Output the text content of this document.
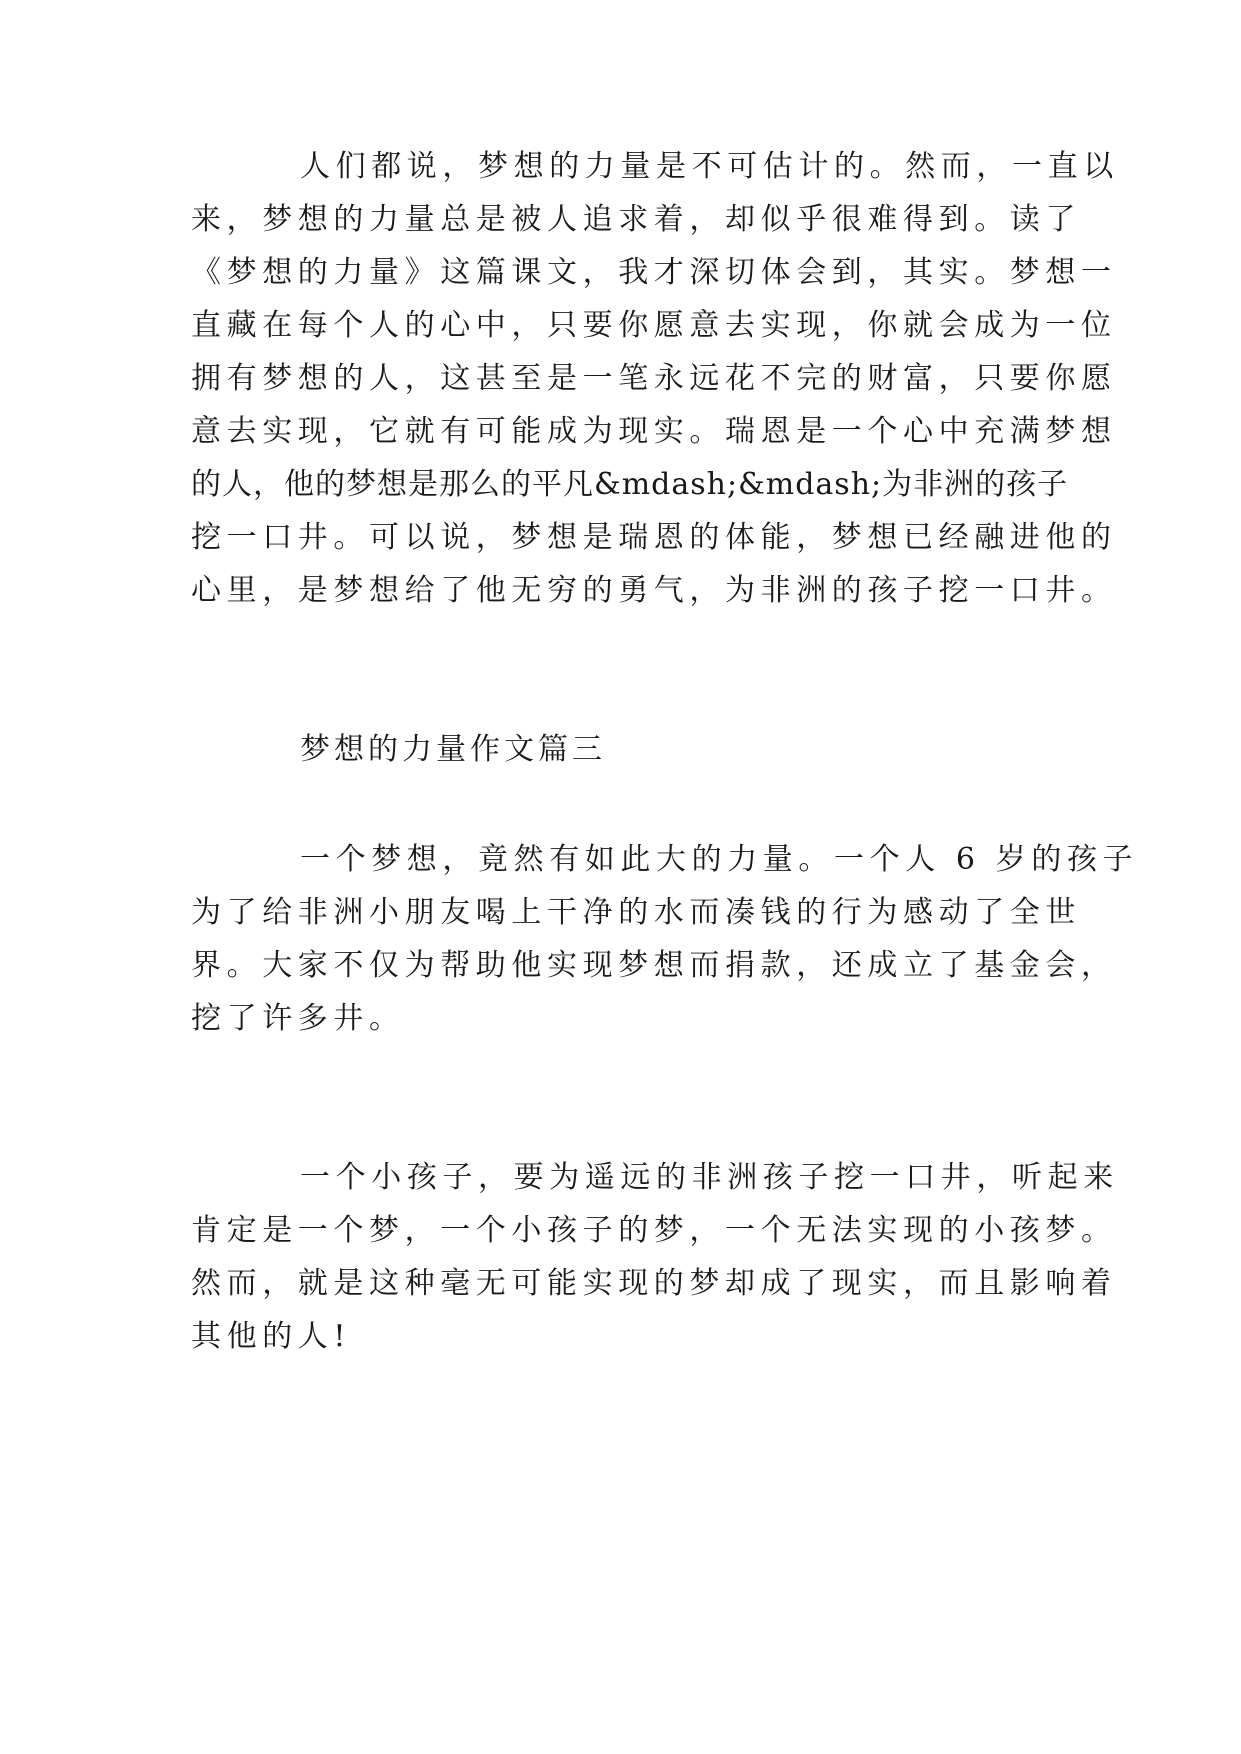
人们都说，梦想的力量是不可估计的。然而，一直以
来，梦想的力量总是被人追求着，却似乎很难得到。读了
《梦想的力量》这篇课文，我才深切体会到，其实。梦想一
直藏在每个人的心中，只要你愿意去实现，你就会成为一位
拥有梦想的人，这甚至是一笔永远花不完的财富，只要你愿
意去实现，它就有可能成为现实。瑞恩是一个心中充满梦想
的人，他的梦想是那么的平凡&mdash;&mdash;为非洲的孩子
挖一口井。可以说，梦想是瑞恩的体能，梦想已经融进他的
心里，是梦想给了他无穷的勇气，为非洲的孩子挖一口井。
梦想的力量作文篇三
一个梦想，竟然有如此大的力量。一个人 6 岁的孩子
为了给非洲小朋友喝上干净的水而凑钱的行为感动了全世
界。大家不仅为帮助他实现梦想而捐款，还成立了基金会，
挖了许多井。
一个小孩子，要为遥远的非洲孩子挖一口井，听起来
肯定是一个梦，一个小孩子的梦，一个无法实现的小孩梦。
然而，就是这种毫无可能实现的梦却成了现实，而且影响着
其他的人!
